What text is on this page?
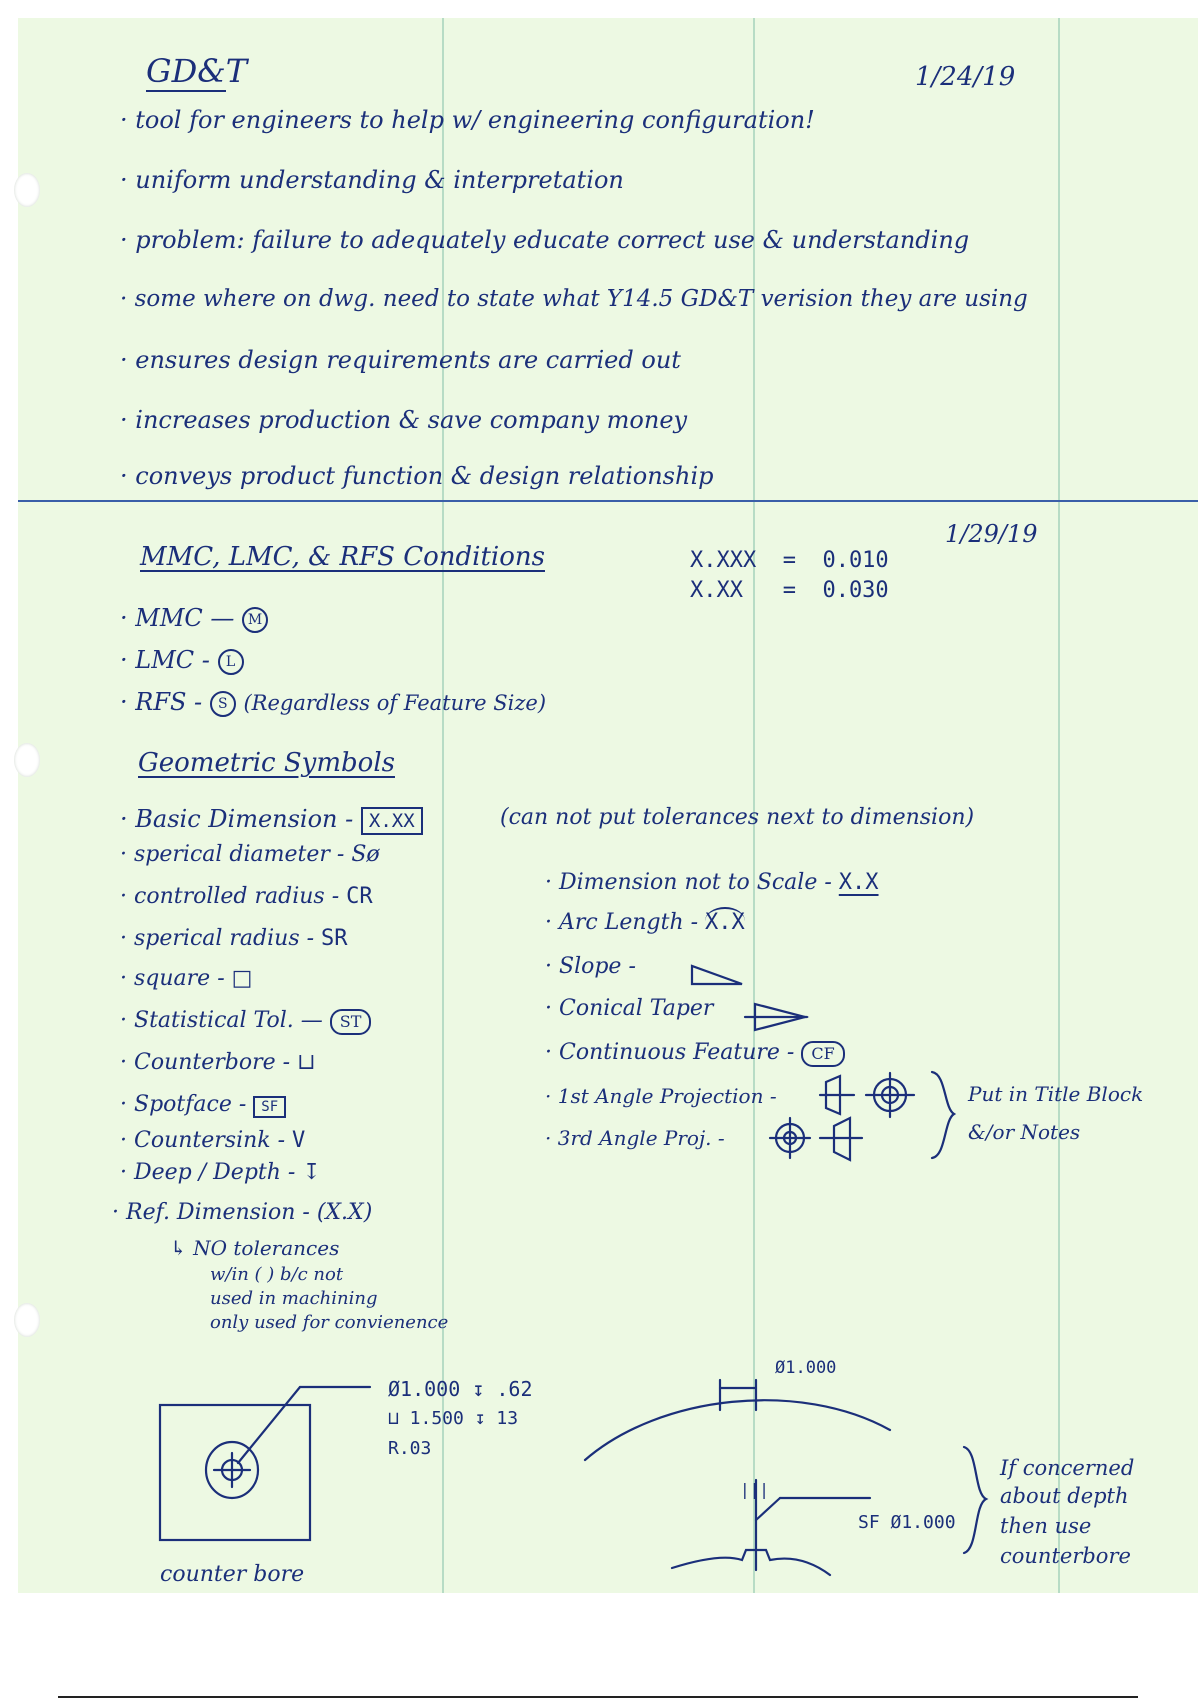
GD&T	1/24/19
· tool for engineers to help w/ engineering configuration!
· uniform understanding & interpretation
· problem: failure to adequately educate correct use & understanding
· some where on dwg. need to state what Y14.5 GD&T verision they are using
· ensures design requirements are carried out
· increases production & save company money
· conveys product function & design relationship
1/29/19
MMC, LMC, & RFS Conditions	X.XXX  =  0.010
X.XX   =  0.030
· MMC — M
· LMC - L
· RFS - S (Regardless of Feature Size)
Geometric Symbols
· Basic Dimension - X.XX	(can not put tolerances next to dimension)
· sperical diameter - Sø
· controlled radius - CR
· sperical radius - SR
· square - □
· Statistical Tol. — ST
· Counterbore - ⊔
· Spotface - SF
· Countersink - V
· Deep / Depth - ↧
· Dimension not to Scale - X.X
· Arc Length - X.X
· Slope -
· Conical Taper
· Continuous Feature - CF
· 1st Angle Projection -
· 3rd Angle Proj. -
Put in Title Block
&/or Notes
· Ref. Dimension - (X.X)
↳ NO tolerances
w/in ( ) b/c not
used in machining
only used for convienence
Ø1.000 ↧ .62
⊔ 1.500 ↧ 13
R.03
counter bore
Ø1.000
|||
SF Ø1.000
If concerned
about depth
then use
counterbore
